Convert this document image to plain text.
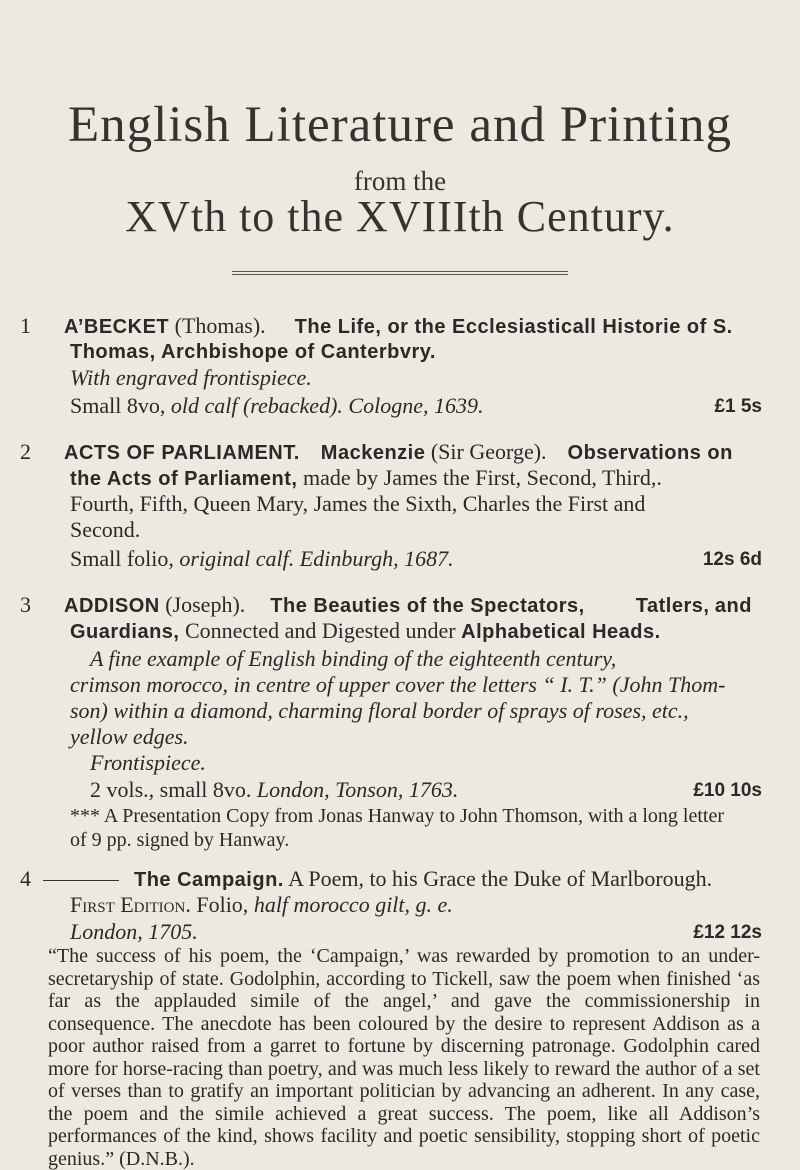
English Literature and Printing
from the
XVth to the XVIIIth Century.
1 A’BECKET (Thomas). The Life, or the Ecclesiasticall Historie of S.
Thomas, Archbishope of Canterbvry.
With engraved frontispiece.
Small 8vo, old calf (rebacked). Cologne, 1639.	£1 5s
2 ACTS OF PARLIAMENT. Mackenzie (Sir George). Observations on
the Acts of Parliament, made by James the First, Second, Third,.
Fourth, Fifth, Queen Mary, James the Sixth, Charles the First and
Second.
Small folio, original calf. Edinburgh, 1687.	12s 6d
3 ADDISON (Joseph). The Beauties of the Spectators,	Tatlers, and
Guardians, Connected and Digested under Alphabetical Heads.
A fine example of English binding of the eighteenth century,
crimson morocco, in centre of upper cover the letters “ I. T.” (John Thom-
son) within a diamond, charming floral border of sprays of roses, etc.,
yellow edges.
Frontispiece.
2 vols., small 8vo. London, Tonson, 1763.	£10 10s
*** A Presentation Copy from Jonas Hanway to John Thomson, with a long letter
of 9 pp. signed by Hanway.
4	The Campaign. A Poem, to his Grace the Duke of Marlborough.
First Edition. Folio, half morocco gilt, g. e.
London, 1705.	£12 12s
“The success of his poem, the ‘Campaign,’ was rewarded by promotion to an under-secretaryship of state. Godolphin, according to Tickell, saw the poem when finished ‘as far as the applauded simile of the angel,’ and gave the commissionership in consequence. The anecdote has been coloured by the desire to represent Addison as a poor author raised from a garret to fortune by discerning patronage. Godolphin cared more for horse-racing than poetry, and was much less likely to reward the author of a set of verses than to gratify an important politician by advancing an adherent. In any case, the poem and the simile achieved a great success. The poem, like all Addison’s performances of the kind, shows facility and poetic sensibility, stopping short of poetic genius.” (D.N.B.).
